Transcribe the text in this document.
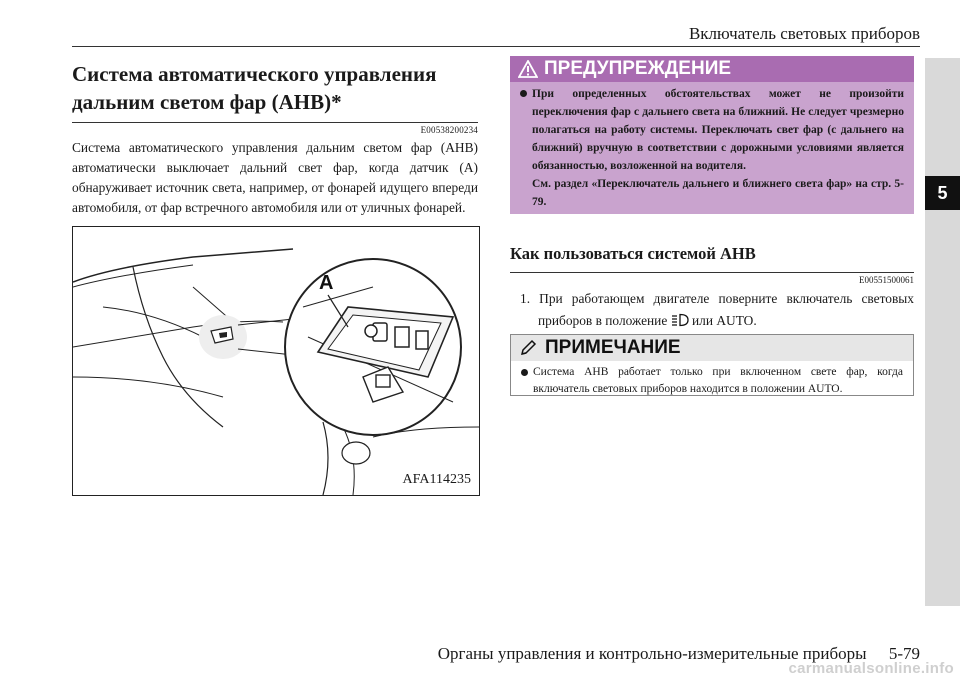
Включатель световых приборов
5
Система автоматического управления дальним светом фар (AHB)*
E00538200234
Система автоматического управления дальним светом фар (AHB) автоматически выключает дальний свет фар, когда датчик (A) обнаруживает источник света, например, от фонарей идущего впереди автомобиля, от фар встречного автомобиля или от уличных фонарей.
A
AFA114235
ПРЕДУПРЕЖДЕНИЕ
При определенных обстоятельствах может не произойти переключения фар с дальнего света на ближний. Не следует чрезмерно полагаться на работу системы. Переключать свет фар (с дальнего на ближний) вручную в соответствии с дорожными условиями является обязанностью, возложенной на водителя.
См. раздел «Переключатель дальнего и ближнего света фар» на стр. 5-79.
Как пользоваться системой AHB
E00551500061
1. При работающем двигателе поверните включатель световых приборов в положение или AUTO.
ПРИМЕЧАНИЕ
Система AHB работает только при включенном свете фар, когда включатель световых приборов находится в положении AUTO.
Органы управления и контрольно-измерительные приборы 5-79
carmanualsonline.info
